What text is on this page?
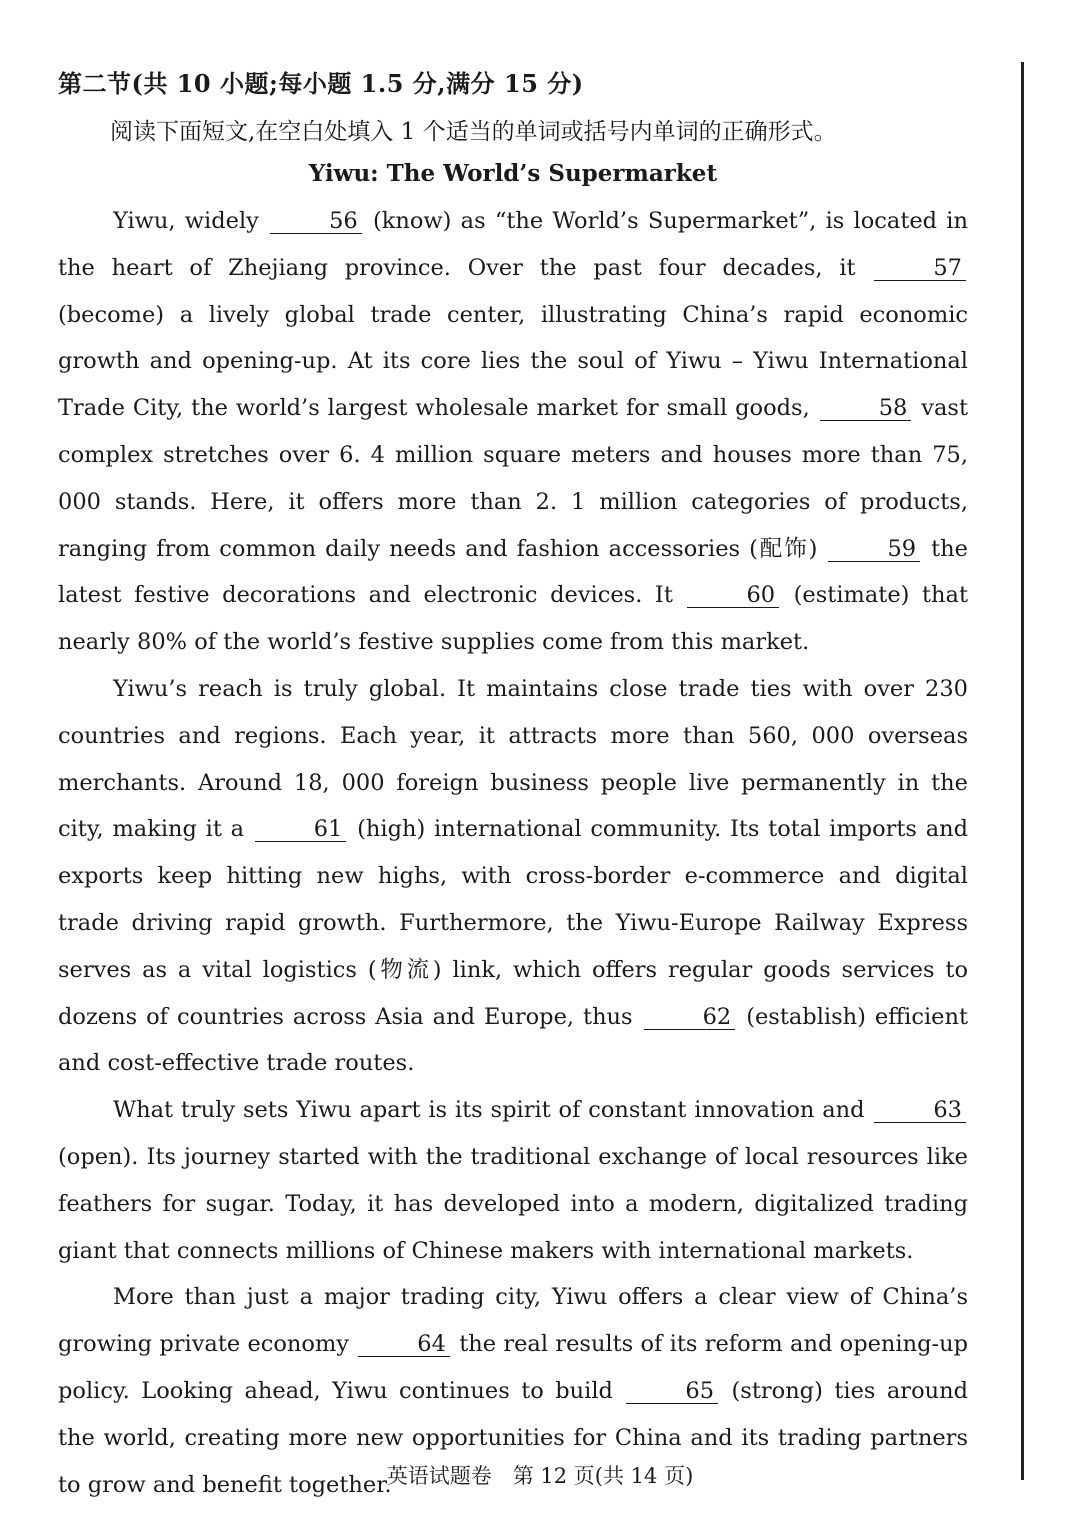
第二节(共 10 小题;每小题 1.5 分,满分 15 分)
阅读下面短文,在空白处填入 1 个适当的单词或括号内单词的正确形式。
Yiwu: The World’s Supermarket

Yiwu, widely	56 (know) as “the World’s Supermarket”, is located in the heart of Zhejiang province. Over the past four decades, it	57 (become) a lively global trade center, illustrating China’s rapid economic growth and opening-up. At its core lies the soul of Yiwu – Yiwu International Trade City, the world’s largest wholesale market for small goods,	58 vast complex stretches over 6. 4 million square meters and houses more than 75, 000 stands. Here, it offers more than 2. 1 million categories of products, ranging from common daily needs and fashion accessories (配饰)	59 the latest festive decorations and electronic devices. It	60 (estimate) that nearly 80% of the world’s festive supplies come from this market.

Yiwu’s reach is truly global. It maintains close trade ties with over 230 countries and regions. Each year, it attracts more than 560, 000 overseas merchants. Around 18, 000 foreign business people live permanently in the city, making it a	61 (high) international community. Its total imports and exports keep hitting new highs, with cross-border e-commerce and digital trade driving rapid growth. Furthermore, the Yiwu-Europe Railway Express serves as a vital logistics (物流) link, which offers regular goods services to dozens of countries across Asia and Europe, thus	62 (establish) efficient and cost-effective trade routes.

What truly sets Yiwu apart is its spirit of constant innovation and	63 (open). Its journey started with the traditional exchange of local resources like feathers for sugar. Today, it has developed into a modern, digitalized trading giant that connects millions of Chinese makers with international markets.

More than just a major trading city, Yiwu offers a clear view of China’s growing private economy	64 the real results of its reform and opening-up policy. Looking ahead, Yiwu continues to build	65 (strong) ties around the world, creating more new opportunities for China and its trading partners to grow and benefit together.

英语试题卷　第 12 页(共 14 页)
